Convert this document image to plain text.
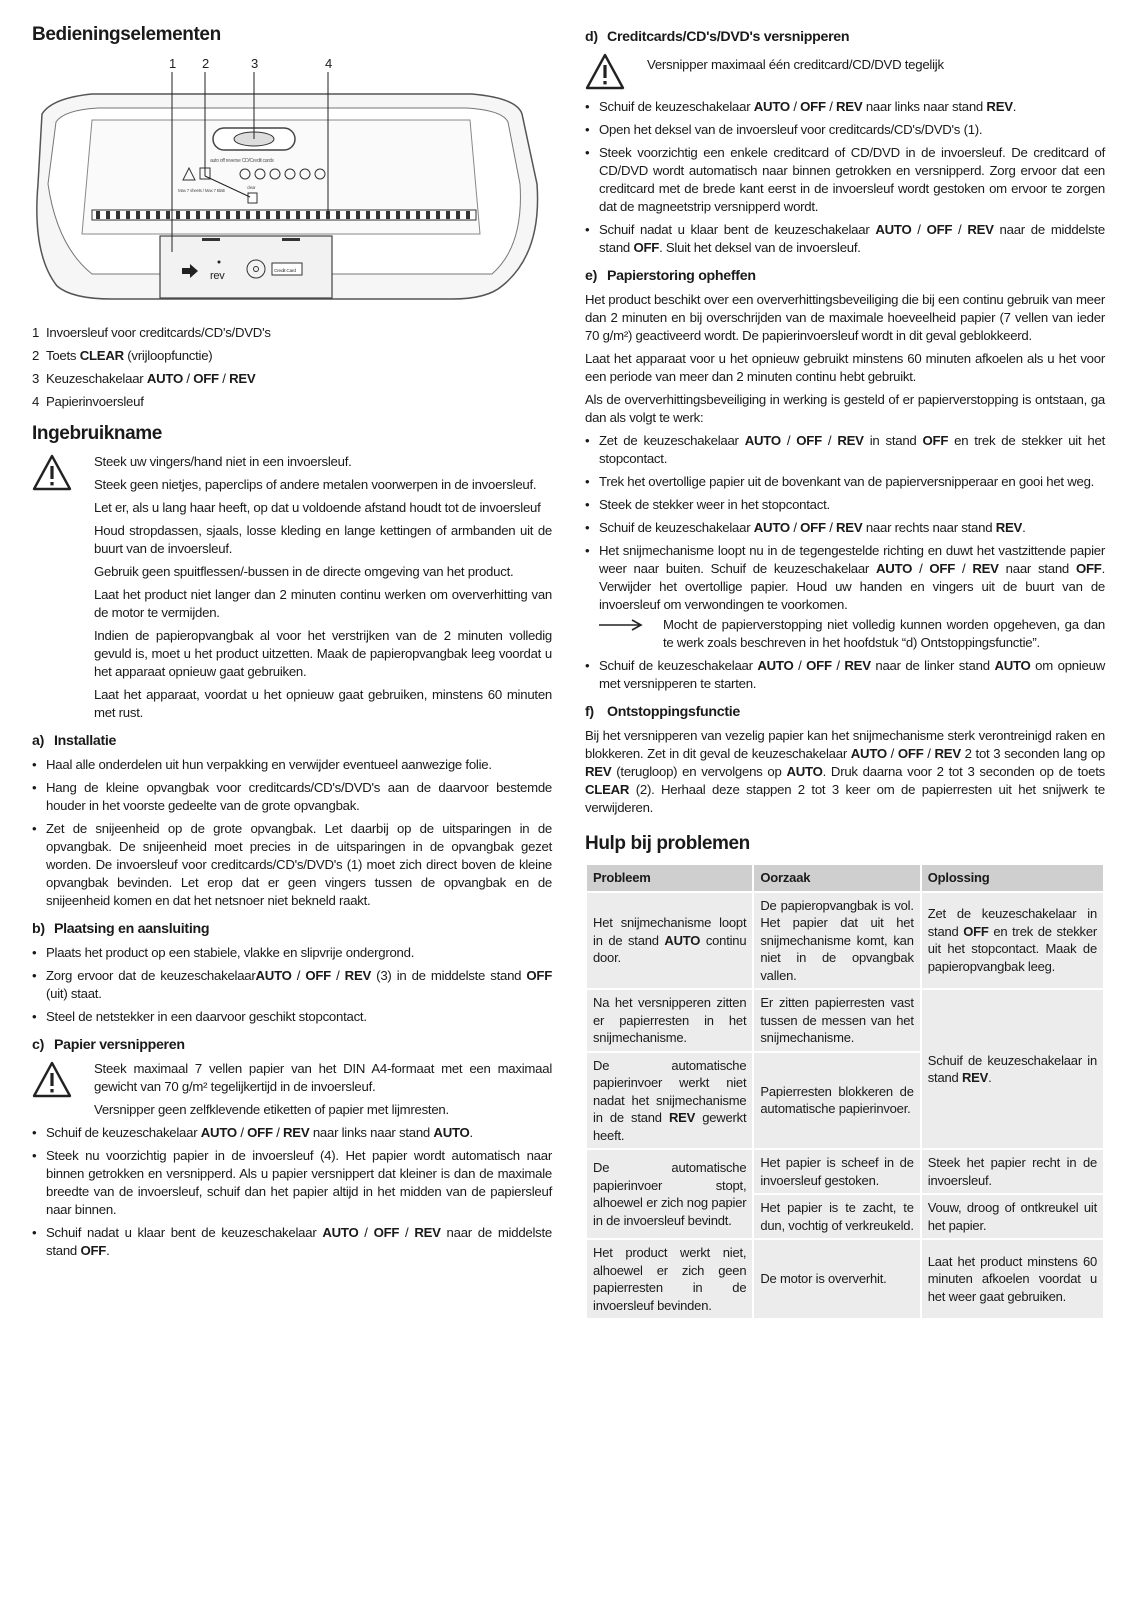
Bedieningselementen
1 2	3	4
auto off reverse CD/Credit cards
Max 7 sheets / Max 7 Blatt
clear
rev	Credit Card
1 Invoersleuf voor creditcards/CD's/DVD's
2 Toets CLEAR (vrijloopfunctie)
3 Keuzeschakelaar AUTO / OFF / REV
4 Papierinvoersleuf
Ingebruikname

Steek uw vingers/hand niet in een invoersleuf.

Steek geen nietjes, paperclips of andere metalen voorwerpen in de invoersleuf.

Let er, als u lang haar heeft, op dat u voldoende afstand houdt tot de invoersleuf

Houd stropdassen, sjaals, losse kleding en lange kettingen of armbanden uit de buurt van de invoersleuf.

Gebruik geen spuitflessen/-bussen in de directe omgeving van het product.

Laat het product niet langer dan 2 minuten continu werken om oververhitting van de motor te vermijden.

Indien de papieropvangbak al voor het verstrijken van de 2 minuten volledig gevuld is, moet u het product uitzetten. Maak de papieropvangbak leeg voordat u het apparaat opnieuw gaat gebruiken.

Laat het apparaat, voordat u het opnieuw gaat gebruiken, minstens 60 minuten met rust.

a) Installatie
• Haal alle onderdelen uit hun verpakking en verwijder eventueel aanwezige folie.
• Hang de kleine opvangbak voor creditcards/CD's/DVD's aan de daarvoor bestemde houder in het voorste gedeelte van de grote opvangbak.
• Zet de snijeenheid op de grote opvangbak. Let daarbij op de uitsparingen in de opvangbak. De snijeenheid moet precies in de uitsparingen in de opvangbak gezet worden. De invoersleuf voor creditcards/CD's/DVD's (1) moet zich direct boven de kleine opvangbak bevinden. Let erop dat er geen vingers tussen de opvangbak en de snijeenheid komen en dat het netsnoer niet bekneld raakt.
b) Plaatsing en aansluiting
• Plaats het product op een stabiele, vlakke en slipvrije ondergrond.
• Zorg ervoor dat de keuzeschakelaarAUTO / OFF / REV (3) in de middelste stand OFF (uit) staat.
• Steel de netstekker in een daarvoor geschikt stopcontact.
c) Papier versnipperen

Steek maximaal 7 vellen papier van het DIN A4-formaat met een maximaal gewicht van 70 g/m² tegelijkertijd in de invoersleuf.

Versnipper geen zelfklevende etiketten of papier met lijmresten.

• Schuif de keuzeschakelaar AUTO / OFF / REV naar links naar stand AUTO.
• Steek nu voorzichtig papier in de invoersleuf (4). Het papier wordt automatisch naar binnen getrokken en versnipperd. Als u papier versnippert dat kleiner is dan de maximale breedte van de invoersleuf, schuif dan het papier altijd in het midden van de papiersleuf naar binnen.
• Schuif nadat u klaar bent de keuzeschakelaar AUTO / OFF / REV naar de middelste stand OFF.
d) Creditcards/CD's/DVD's versnipperen

Versnipper maximaal één creditcard/CD/DVD tegelijk

• Schuif de keuzeschakelaar AUTO / OFF / REV naar links naar stand REV.
• Open het deksel van de invoersleuf voor creditcards/CD's/DVD's (1).
• Steek voorzichtig een enkele creditcard of CD/DVD in de invoersleuf. De creditcard of CD/DVD wordt automatisch naar binnen getrokken en versnipperd. Zorg ervoor dat een creditcard met de brede kant eerst in de invoersleuf wordt gestoken om ervoor te zorgen dat de magneetstrip versnipperd wordt.
• Schuif nadat u klaar bent de keuzeschakelaar AUTO / OFF / REV naar de middelste stand OFF. Sluit het deksel van de invoersleuf.
e) Papierstoring opheffen

Het product beschikt over een oververhittingsbeveiliging die bij een continu gebruik van meer dan 2 minuten en bij overschrijden van de maximale hoeveelheid papier (7 vellen van ieder 70 g/m²) geactiveerd wordt. De papierinvoersleuf wordt in dit geval geblokkeerd.

Laat het apparaat voor u het opnieuw gebruikt minstens 60 minuten afkoelen als u het voor een periode van meer dan 2 minuten continu hebt gebruikt.

Als de oververhittingsbeveiliging in werking is gesteld of er papierverstopping is ontstaan, ga dan als volgt te werk:

• Zet de keuzeschakelaar AUTO / OFF / REV in stand OFF en trek de stekker uit het stopcontact.
• Trek het overtollige papier uit de bovenkant van de papierversnipperaar en gooi het weg.
• Steek de stekker weer in het stopcontact.
• Schuif de keuzeschakelaar AUTO / OFF / REV naar rechts naar stand REV.
• Het snijmechanisme loopt nu in de tegengestelde richting en duwt het vastzittende papier weer naar buiten. Schuif de keuzeschakelaar AUTO / OFF / REV naar stand OFF. Verwijder het overtollige papier. Houd uw handen en vingers uit de buurt van de invoersleuf om verwondingen te voorkomen.
Mocht de papierverstopping niet volledig kunnen worden opgeheven, ga dan te werk zoals beschreven in het hoofdstuk “d) Ontstoppingsfunctie”.
• Schuif de keuzeschakelaar AUTO / OFF / REV naar de linker stand AUTO om opnieuw met versnipperen te starten.
f) Ontstoppingsfunctie

Bij het versnipperen van vezelig papier kan het snijmechanisme sterk verontreinigd raken en blokkeren. Zet in dit geval de keuzeschakelaar AUTO / OFF / REV 2 tot 3 seconden lang op REV (terugloop) en vervolgens op AUTO. Druk daarna voor 2 tot 3 seconden op de toets CLEAR (2). Herhaal deze stappen 2 tot 3 keer om de papierresten uit het snijwerk te verwijderen.

Hulp bij problemen
Probleem	Oorzaak	Oplossing
Het snijmechanisme loopt in de stand AUTO continu door.	De papieropvangbak is vol. Het papier dat uit het snijmechanisme komt, kan niet in de opvangbak vallen.	Zet de keuzeschakelaar in stand OFF en trek de stekker uit het stopcontact. Maak de papieropvangbak leeg.
Na het versnipperen zitten er papierresten in het snijmechanisme.	Er zitten papierresten vast tussen de messen van het snijmechanisme.	Schuif de keuzeschakelaar in stand REV.
De automatische papierinvoer werkt niet nadat het snijmechanisme in de stand REV gewerkt heeft.	Papierresten blokkeren de automatische papierinvoer.	
De automatische papierinvoer stopt, alhoewel er zich nog papier in de invoersleuf bevindt.	Het papier is scheef in de invoersleuf gestoken.	Steek het papier recht in de invoersleuf.
	Het papier is te zacht, te dun, vochtig of verkreukeld.	Vouw, droog of ontkreukel uit het papier.
Het product werkt niet, alhoewel er zich geen papierresten in de invoersleuf bevinden.	De motor is oververhit.	Laat het product minstens 60 minuten afkoelen voordat u het weer gaat gebruiken.
